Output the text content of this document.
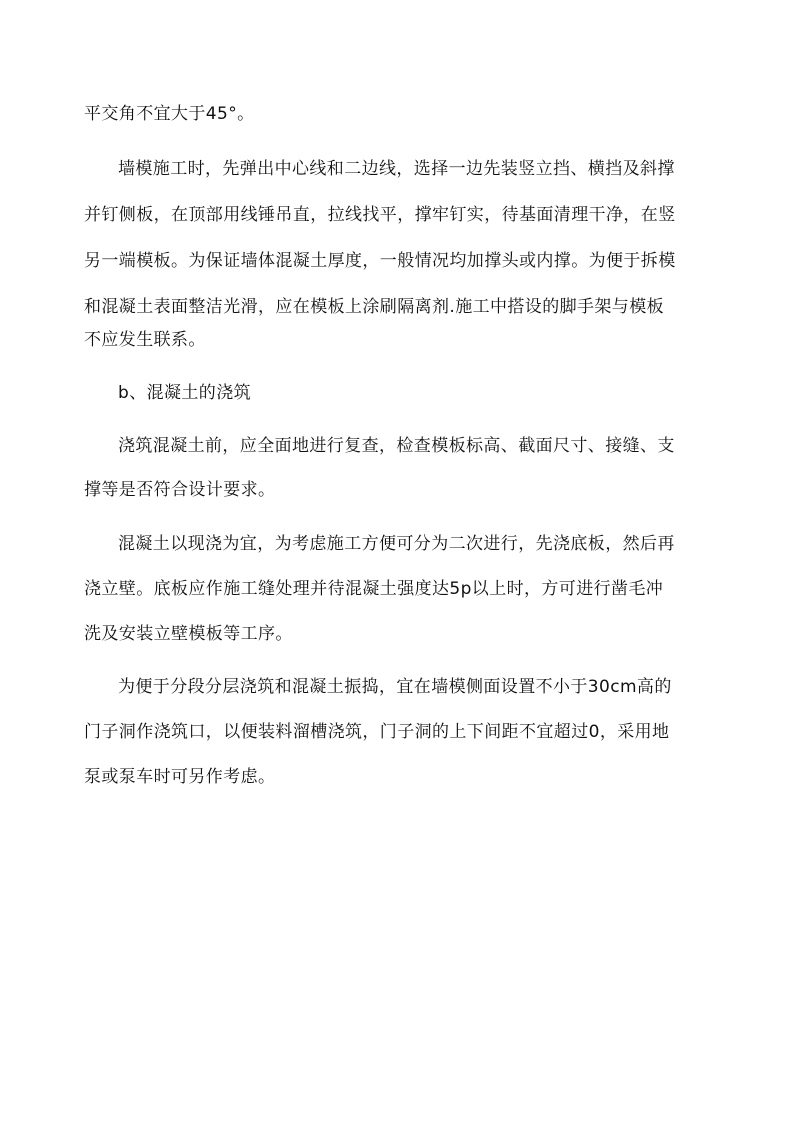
平交角不宜大于45°。
墙模施工时，先弹出中心线和二边线，选择一边先装竖立挡、横挡及斜撑
并钉侧板，在顶部用线锤吊直，拉线找平，撑牢钉实，待基面清理干净，在竖
另一端模板。为保证墙体混凝土厚度，一般情况均加撑头或内撑。为便于拆模
和混凝土表面整洁光滑，应在模板上涂刷隔离剂.施工中搭设的脚手架与模板
不应发生联系。
b、混凝土的浇筑
浇筑混凝土前，应全面地进行复查，检查模板标高、截面尺寸、接缝、支
撑等是否符合设计要求。
混凝土以现浇为宜，为考虑施工方便可分为二次进行，先浇底板，然后再
浇立壁。底板应作施工缝处理并待混凝土强度达5p以上时，方可进行凿毛冲
洗及安装立壁模板等工序。
为便于分段分层浇筑和混凝土振捣，宜在墙模侧面设置不小于30cm高的
门子洞作浇筑口，以便装料溜槽浇筑，门子洞的上下间距不宜超过0，采用地
泵或泵车时可另作考虑。
